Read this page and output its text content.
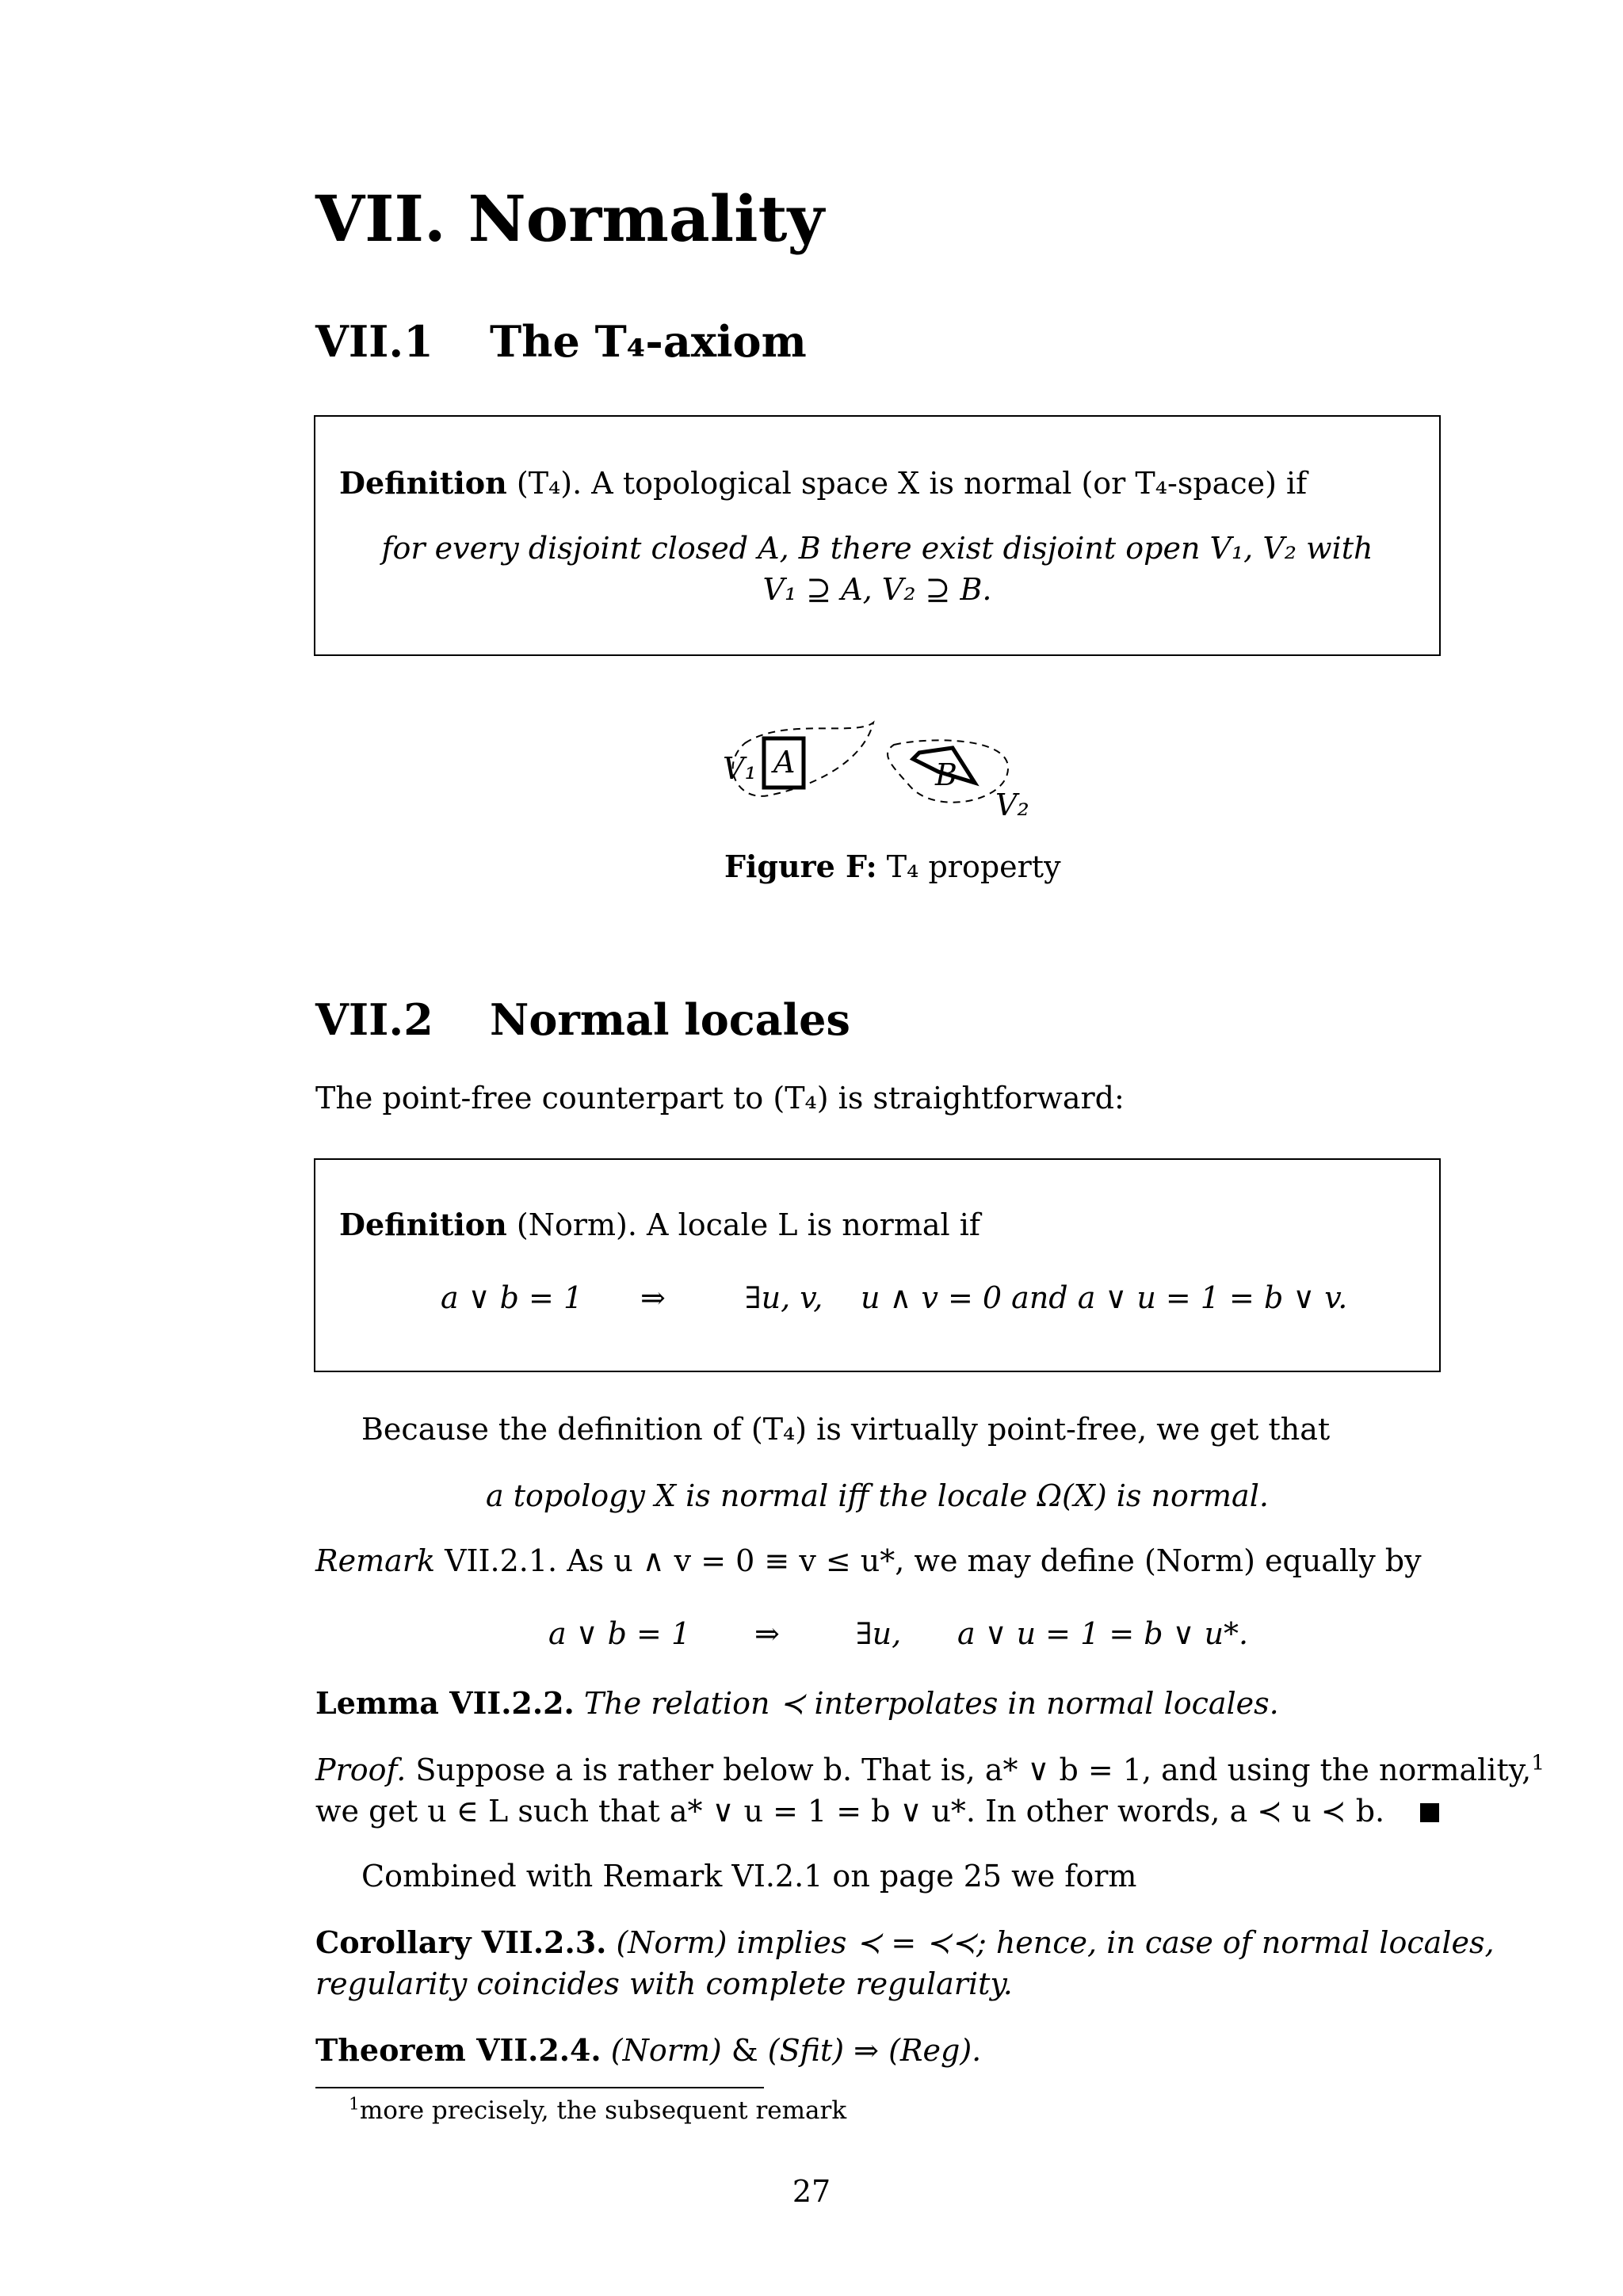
VII. Normality
VII.1 The T₄-axiom
Definition (T₄). A topological space X is normal (or T₄-space) if
for every disjoint closed A, B there exist disjoint open V₁, V₂ with
V₁ ⊇ A, V₂ ⊇ B.
V₁ A	B
V₂
Figure F: T₄ property
VII.2 Normal locales
The point-free counterpart to (T₄) is straightforward:
Definition (Norm). A locale L is normal if
a ∨ b = 1 ⇒	∃u, v, u ∧ v = 0 and a ∨ u = 1 = b ∨ v.
Because the definition of (T₄) is virtually point-free, we get that
a topology X is normal iff the locale Ω(X) is normal.
Remark VII.2.1. As u ∧ v = 0 ≡ v ≤ u*, we may define (Norm) equally by
a ∨ b = 1 ⇒	∃u, a ∨ u = 1 = b ∨ u*.
Lemma VII.2.2. The relation ≺ interpolates in normal locales.
Proof. Suppose a is rather below b. That is, a* ∨ b = 1, and using the normality,$^1$
we get u ∈ L such that a* ∨ u = 1 = b ∨ u*. In other words, a ≺ u ≺ b.
Combined with Remark VI.2.1 on page 25 we form
Corollary VII.2.3. (Norm) implies ≺ = ≺≺; hence, in case of normal locales,
regularity coincides with complete regularity.
Theorem VII.2.4. (Norm) & (Sfit) ⇒ (Reg).
$^1$more precisely, the subsequent remark
27
